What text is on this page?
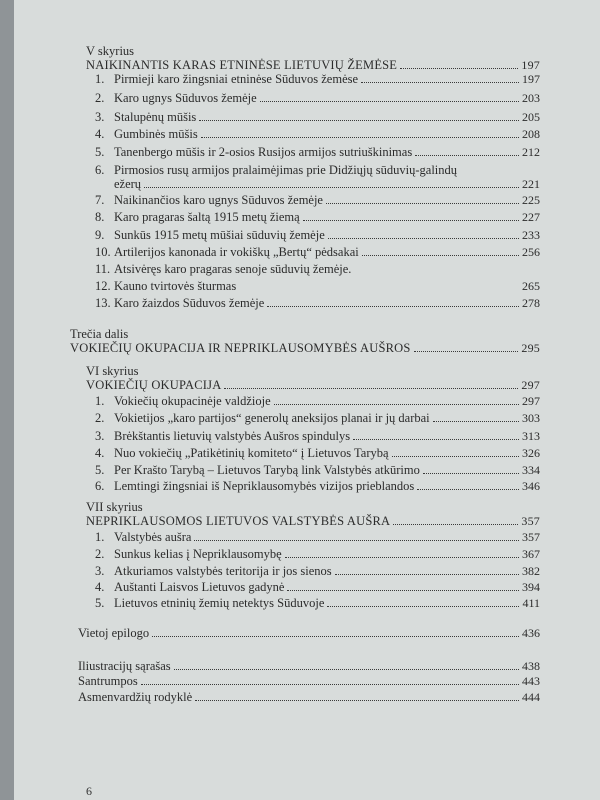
V skyrius
NAIKINANTIS KARAS ETNINĖSE LIETUVIŲ ŽEMĖSE	197
1. Pirmieji karo žingsniai etninėse Sūduvos žemėse	197
2. Karo ugnys Sūduvos žemėje	203
3. Stalupėnų mūšis	205
4. Gumbinės mūšis	208
5. Tanenbergo mūšis ir 2-osios Rusijos armijos sutriuškinimas	212
6. Pirmosios rusų armijos pralaimėjimas prie Didžiųjų sūduvių-galindų
ežerų	221
7. Naikinančios karo ugnys Sūduvos žemėje	225
8. Karo pragaras šaltą 1915 metų žiemą	227
9. Sunkūs 1915 metų mūšiai sūduvių žemėje	233
10. Artilerijos kanonada ir vokiškų „Bertų“ pėdsakai	256
11. Atsivėręs karo pragaras senoje sūduvių žemėje.
12. Kauno tvirtovės šturmas	265
13. Karo žaizdos Sūduvos žemėje	278
Trečia dalis
VOKIEČIŲ OKUPACIJA IR NEPRIKLAUSOMYBĖS AUŠROS	295
VI skyrius
VOKIEČIŲ OKUPACIJA	297
1. Vokiečių okupacinėje valdžioje	297
2. Vokietijos „karo partijos“ generolų aneksijos planai ir jų darbai	303
3. Brėkštantis lietuvių valstybės Aušros spindulys	313
4. Nuo vokiečių „Patikėtinių komiteto“ į Lietuvos Tarybą	326
5. Per Krašto Tarybą – Lietuvos Tarybą link Valstybės atkūrimo	334
6. Lemtingi žingsniai iš Nepriklausomybės vizijos prieblandos	346
VII skyrius
NEPRIKLAUSOMOS LIETUVOS VALSTYBĖS AUŠRA	357
1. Valstybės aušra	357
2. Sunkus kelias į Nepriklausomybę	367
3. Atkuriamos valstybės teritorija ir jos sienos	382
4. Auštanti Laisvos Lietuvos gadynė	394
5. Lietuvos etninių žemių netektys Sūduvoje	411
Vietoj epilogo	436
Iliustracijų sąrašas	438
Santrumpos	443
Asmenvardžių rodyklė	444
6
